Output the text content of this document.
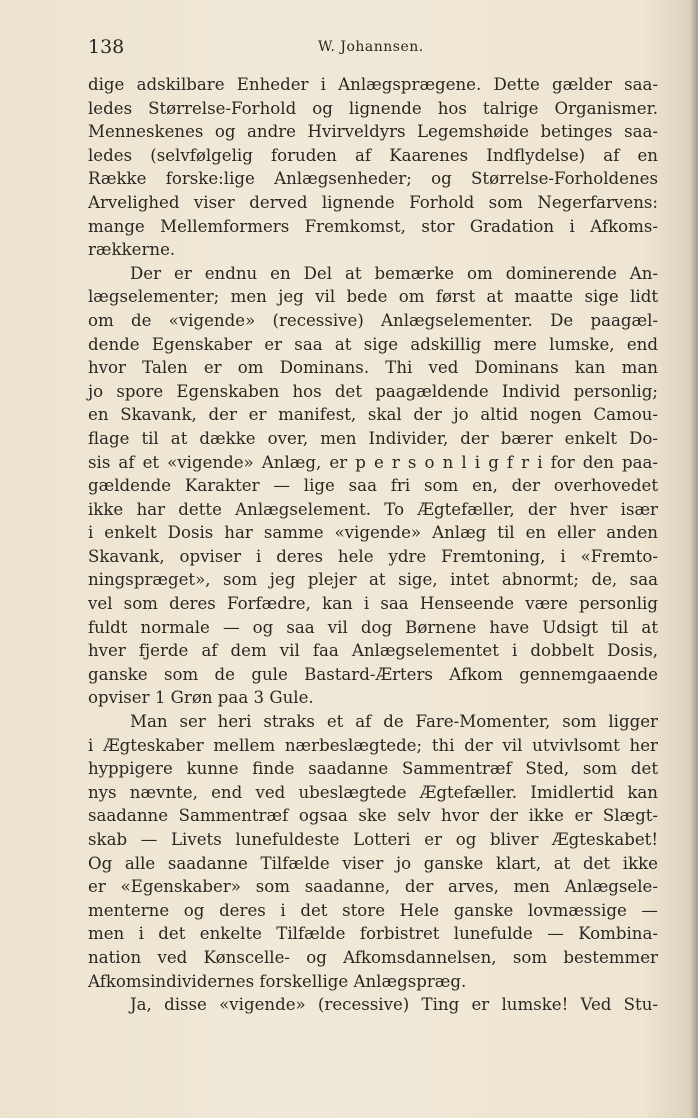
138	W. Johannsen.
dige adskilbare Enheder i Anlægsprægene. Dette gælder saa-
ledes Størrelse-Forhold og lignende hos talrige Organismer.
Menneskenes og andre Hvirveldyrs Legemshøide betinges saa-
ledes (selvfølgelig foruden af Kaarenes Indflydelse) af en
Række forske:lige Anlægsenheder; og Størrelse-Forholdenes
Arvelighed viser derved lignende Forhold som Negerfarvens:
mange Mellemformers Fremkomst, stor Gradation i Afkoms-
rækkerne.
Der er endnu en Del at bemærke om dominerende An-
lægselementer; men jeg vil bede om først at maatte sige lidt
om de «vigende» (recessive) Anlægselementer. De paagæl-
dende Egenskaber er saa at sige adskillig mere lumske, end
hvor Talen er om Dominans. Thi ved Dominans kan man
jo spore Egenskaben hos det paagældende Individ personlig;
en Skavank, der er manifest, skal der jo altid nogen Camou-
flage til at dække over, men Individer, der bærer enkelt Do-
sis af et «vigende» Anlæg, er p e r s o n l i g f r i for den paa-
gældende Karakter — lige saa fri som en, der overhovedet
ikke har dette Anlægselement. To Ægtefæller, der hver især
i enkelt Dosis har samme «vigende» Anlæg til en eller anden
Skavank, opviser i deres hele ydre Fremtoning, i «Fremto-
ningspræget», som jeg plejer at sige, intet abnormt; de, saa
vel som deres Forfædre, kan i saa Henseende være personlig
fuldt normale — og saa vil dog Børnene have Udsigt til at
hver fjerde af dem vil faa Anlægselementet i dobbelt Dosis,
ganske som de gule Bastard-Ærters Afkom gennemgaaende
opviser 1 Grøn paa 3 Gule.
Man ser heri straks et af de Fare-Momenter, som ligger
i Ægteskaber mellem nærbeslægtede; thi der vil utvivlsomt her
hyppigere kunne finde saadanne Sammentræf Sted, som det
nys nævnte, end ved ubeslægtede Ægtefæller. Imidlertid kan
saadanne Sammentræf ogsaa ske selv hvor der ikke er Slægt-
skab — Livets lunefuldeste Lotteri er og bliver Ægteskabet!
Og alle saadanne Tilfælde viser jo ganske klart, at det ikke
er «Egenskaber» som saadanne, der arves, men Anlægsele-
menterne og deres i det store Hele ganske lovmæssige —
men i det enkelte Tilfælde forbistret lunefulde — Kombina-
nation ved Kønscelle- og Afkomsdannelsen, som bestemmer
Afkomsindividernes forskellige Anlægspræg.
Ja, disse «vigende» (recessive) Ting er lumske! Ved Stu-
